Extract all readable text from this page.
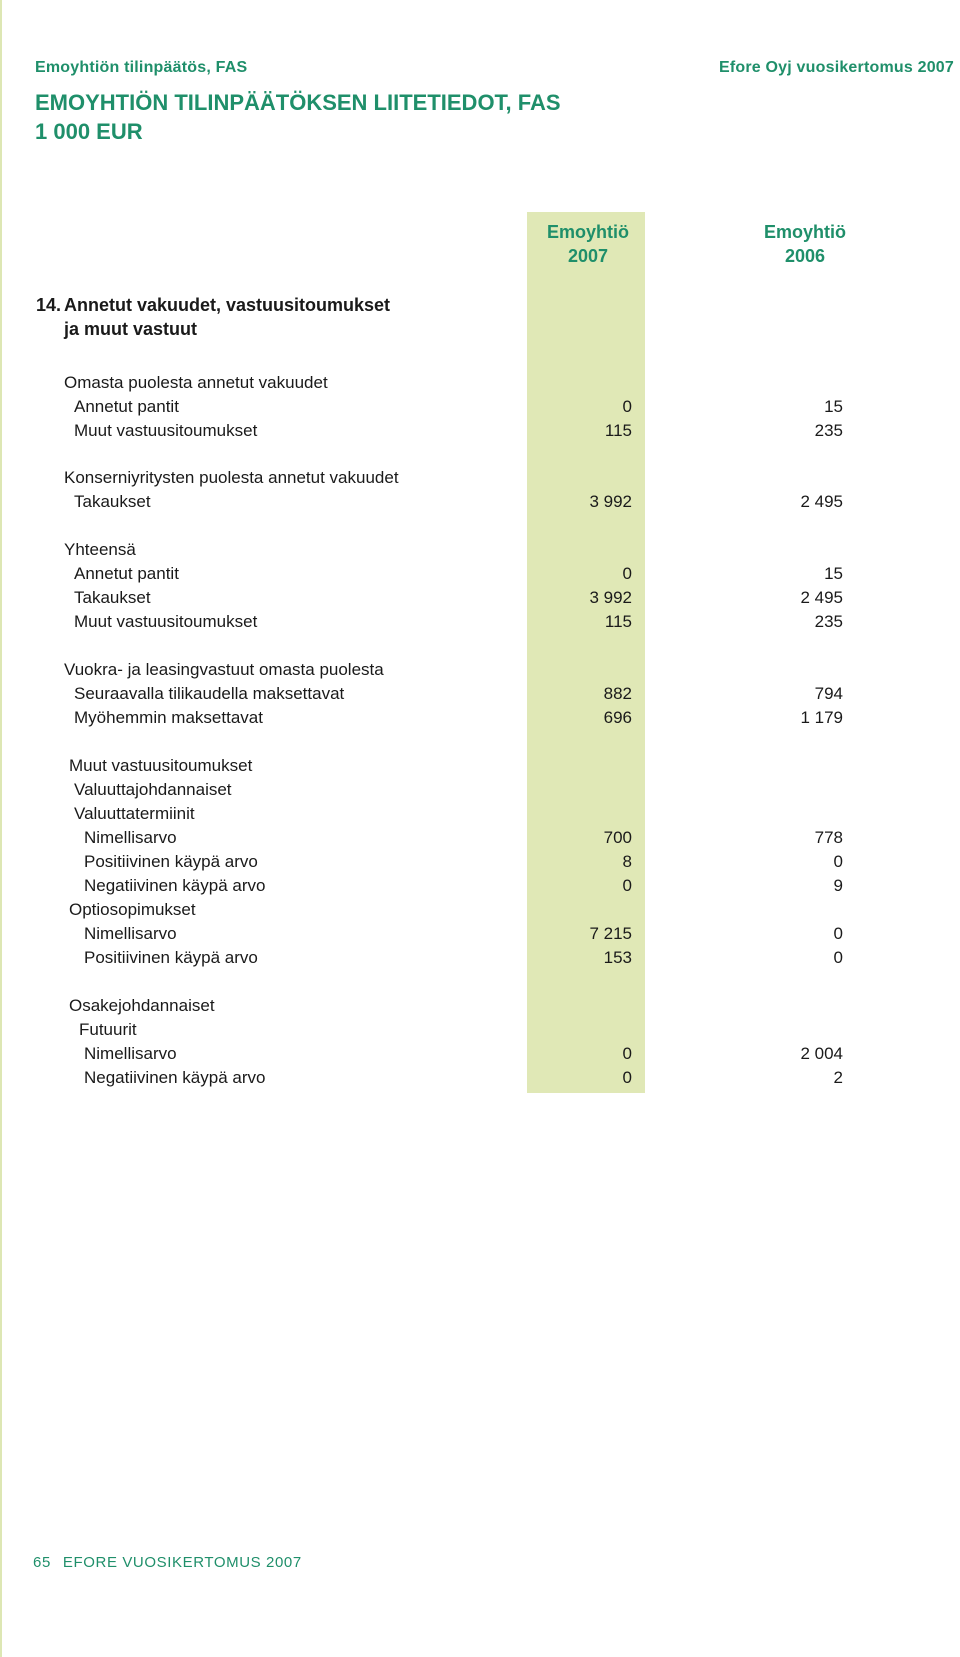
Emoyhtiön tilinpäätös, FAS	Efore Oyj vuosikertomus 2007
EMOYHTIÖN TILINPÄÄTÖKSEN LIITETIEDOT, FAS
1 000 EUR
Emoyhtiö
2007
Emoyhtiö
2006
14. Annetut vakuudet, vastuusitoumukset
ja muut vastuut
Omasta puolesta annetut vakuudet
Annetut pantit	0	15
Muut vastuusitoumukset	115	235
Konserniyritysten puolesta annetut vakuudet
Takaukset	3 992	2 495
Yhteensä
Annetut pantit	0	15
Takaukset	3 992	2 495
Muut vastuusitoumukset	115	235
Vuokra- ja leasingvastuut omasta puolesta
Seuraavalla tilikaudella maksettavat	882	794
Myöhemmin maksettavat	696	1 179
Muut vastuusitoumukset
Valuuttajohdannaiset
Valuuttatermiinit
Nimellisarvo	700	778
Positiivinen käypä arvo	8	0
Negatiivinen käypä arvo	0	9
Optiosopimukset
Nimellisarvo	7 215	0
Positiivinen käypä arvo	153	0
Osakejohdannaiset
Futuurit
Nimellisarvo	0	2 004
Negatiivinen käypä arvo	0	2
65 EFORE VUOSIKERTOMUS 2007
